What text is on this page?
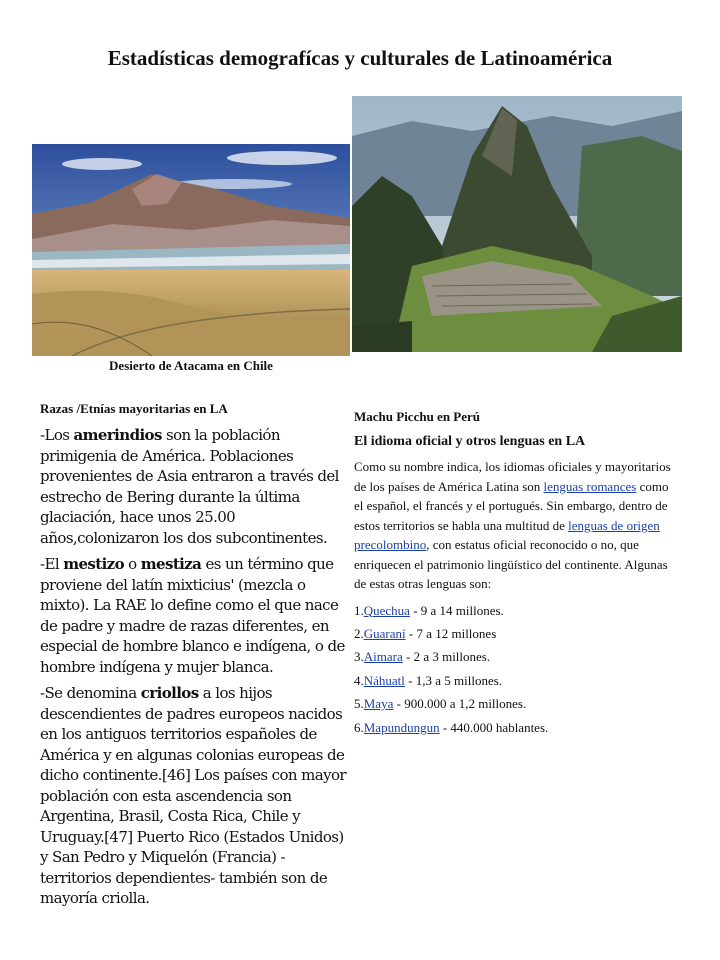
Estadísticas demograf​ícas y culturales de Latinoamérica
Desierto de Atacama en Chile
Razas /Etnías mayoritarias en LA

-Los amerindios son la población primigenia de América. Poblaciones provenientes de Asia entraron a través del estrecho de Bering durante la última glaciación, hace unos 25.00 años,colonizaron los dos subcontinentes.

-El mestizo o mestiza es un término que proviene del latín mixticius' (mezcla o mixto). La RAE lo define como el que nace de padre y madre de razas diferentes, en especial de hombre blanco e indígena, o de hombre indígena y mujer blanca.

-Se denomina criollos a los hijos descendientes de padres europeos nacidos en los antiguos territorios españoles de América y en algunas colonias europeas de dicho continente.[46] Los países con mayor población con esta ascendencia son Argentina, Brasil, Costa Rica, Chile y Uruguay.[47] Puerto Rico (Estados Unidos) y San Pedro y Miquelón (Francia) -territorios dependientes- también son de mayoría criolla.

Machu Picchu en Perú
El idioma oficial y otros lenguas en LA

Como su nombre indica, los idiomas oficiales y mayoritarios de los países de América Latina son lenguas romances como el español, el francés y el portugués. Sin embargo, dentro de estos territorios se habla una multitud de lenguas de origen precolombino, con estatus oficial reconocido o no, que enriquecen el patrimonio lingüístico del continente. Algunas de estas otras lenguas son:

1.Quechua - 9 a 14 millones.
2.Guaraní - 7 a 12 millones
3.Aimara - 2 a 3 millones.
4.Náhuatl - 1,3 a 5 millones.
5.Maya - 900.000 a 1,2 millones.
6.Mapundungun - 440.000 hablantes.
